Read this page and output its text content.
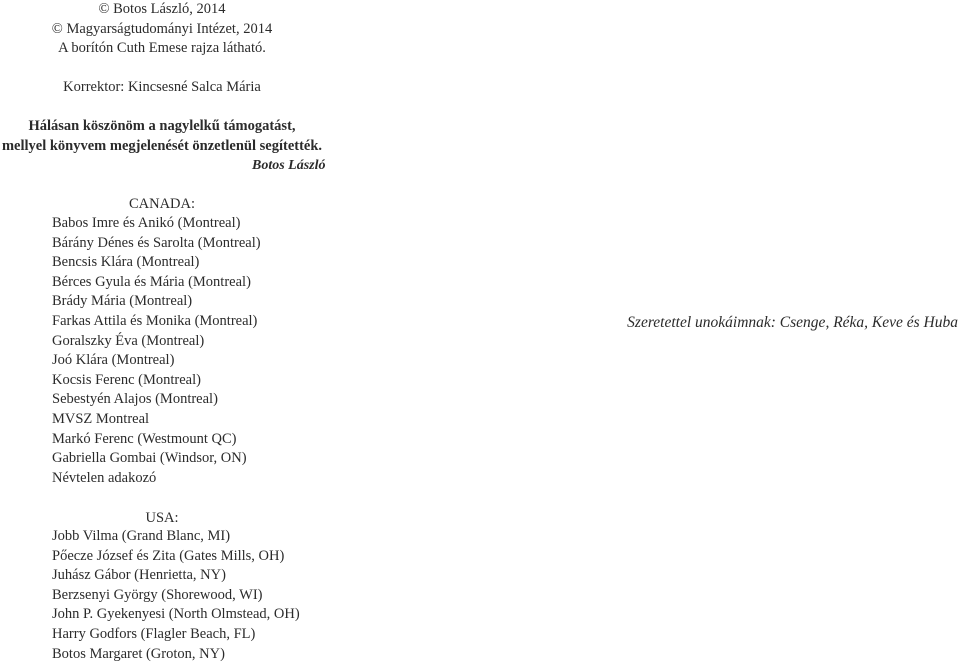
© Botos László, 2014
© Magyarságtudományi Intézet, 2014
A borítón Cuth Emese rajza látható.
Korrektor: Kincsesné Salca Mária
Hálásan köszönöm a nagylelkű támogatást,
mellyel könyvem megjelenését önzetlenül segítették.
Botos László
CANADA:
Babos Imre és Anikó (Montreal)
Bárány Dénes és Sarolta (Montreal)
Bencsis Klára (Montreal)
Bérces Gyula és Mária (Montreal)
Brády Mária (Montreal)
Farkas Attila és Monika (Montreal)
Goralszky Éva (Montreal)
Joó Klára (Montreal)
Kocsis Ferenc (Montreal)
Sebestyén Alajos (Montreal)
MVSZ Montreal
Markó Ferenc (Westmount QC)
Gabriella Gombai (Windsor, ON)
Névtelen adakozó
USA:
Jobb Vilma (Grand Blanc, MI)
Pőecze József és Zita (Gates Mills, OH)
Juhász Gábor (Henrietta, NY)
Berzsenyi György (Shorewood, WI)
John P. Gyekenyesi (North Olmstead, OH)
Harry Godfors (Flagler Beach, FL)
Botos Margaret (Groton, NY)
Szeretettel unokáimnak: Csenge, Réka, Keve és Huba
